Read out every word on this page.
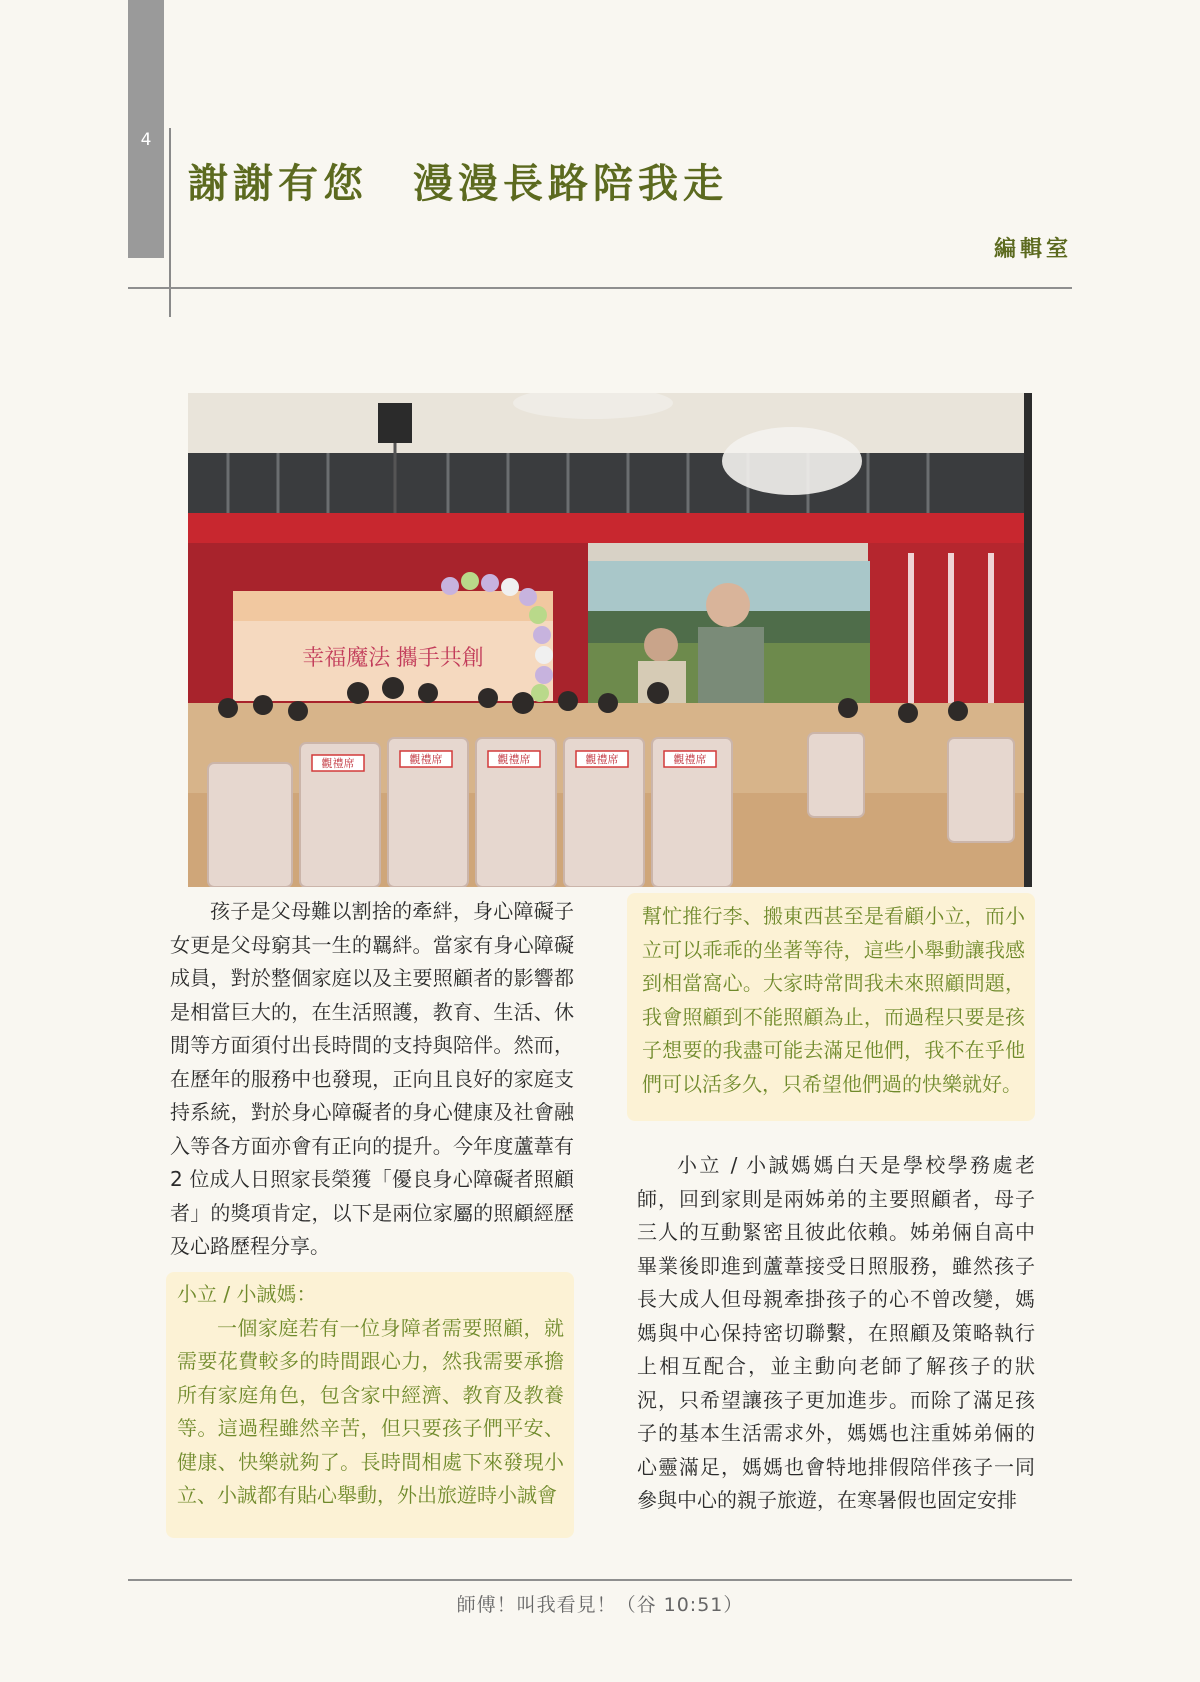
4
謝謝有您　漫漫長路陪我走
編輯室
幸福魔法 攜手共創
觀禮席	觀禮席	觀禮席	觀禮席	觀禮席

孩子是父母難以割捨的牽絆，身心障礙子女更是父母窮其一生的羈絆。當家有身心障礙成員，對於整個家庭以及主要照顧者的影響都是相當巨大的，在生活照護，教育、生活、休閒等方面須付出長時間的支持與陪伴。然而，在歷年的服務中也發現，正向且良好的家庭支持系統，對於身心障礙者的身心健康及社會融入等各方面亦會有正向的提升。今年度蘆葦有 2 位成人日照家長榮獲「優良身心障礙者照顧者」的獎項肯定，以下是兩位家屬的照顧經歷及心路歷程分享。

小立 / 小誠媽：

一個家庭若有一位身障者需要照顧，就需要花費較多的時間跟心力，然我需要承擔所有家庭角色，包含家中經濟、教育及教養等。這過程雖然辛苦，但只要孩子們平安、健康、快樂就夠了。長時間相處下來發現小立、小誠都有貼心舉動，外出旅遊時小誠會

幫忙推行李、搬東西甚至是看顧小立，而小立可以乖乖的坐著等待，這些小舉動讓我感到相當窩心。大家時常問我未來照顧問題，我會照顧到不能照顧為止，而過程只要是孩子想要的我盡可能去滿足他們，我不在乎他們可以活多久，只希望他們過的快樂就好。

小立 / 小誠媽媽白天是學校學務處老師，回到家則是兩姊弟的主要照顧者，母子三人的互動緊密且彼此依賴。姊弟倆自高中畢業後即進到蘆葦接受日照服務，雖然孩子長大成人但母親牽掛孩子的心不曾改變，媽媽與中心保持密切聯繫，在照顧及策略執行上相互配合，並主動向老師了解孩子的狀況，只希望讓孩子更加進步。而除了滿足孩子的基本生活需求外，媽媽也注重姊弟倆的心靈滿足，媽媽也會特地排假陪伴孩子一同參與中心的親子旅遊，在寒暑假也固定安排

師傅！叫我看見！（谷 10:51）
